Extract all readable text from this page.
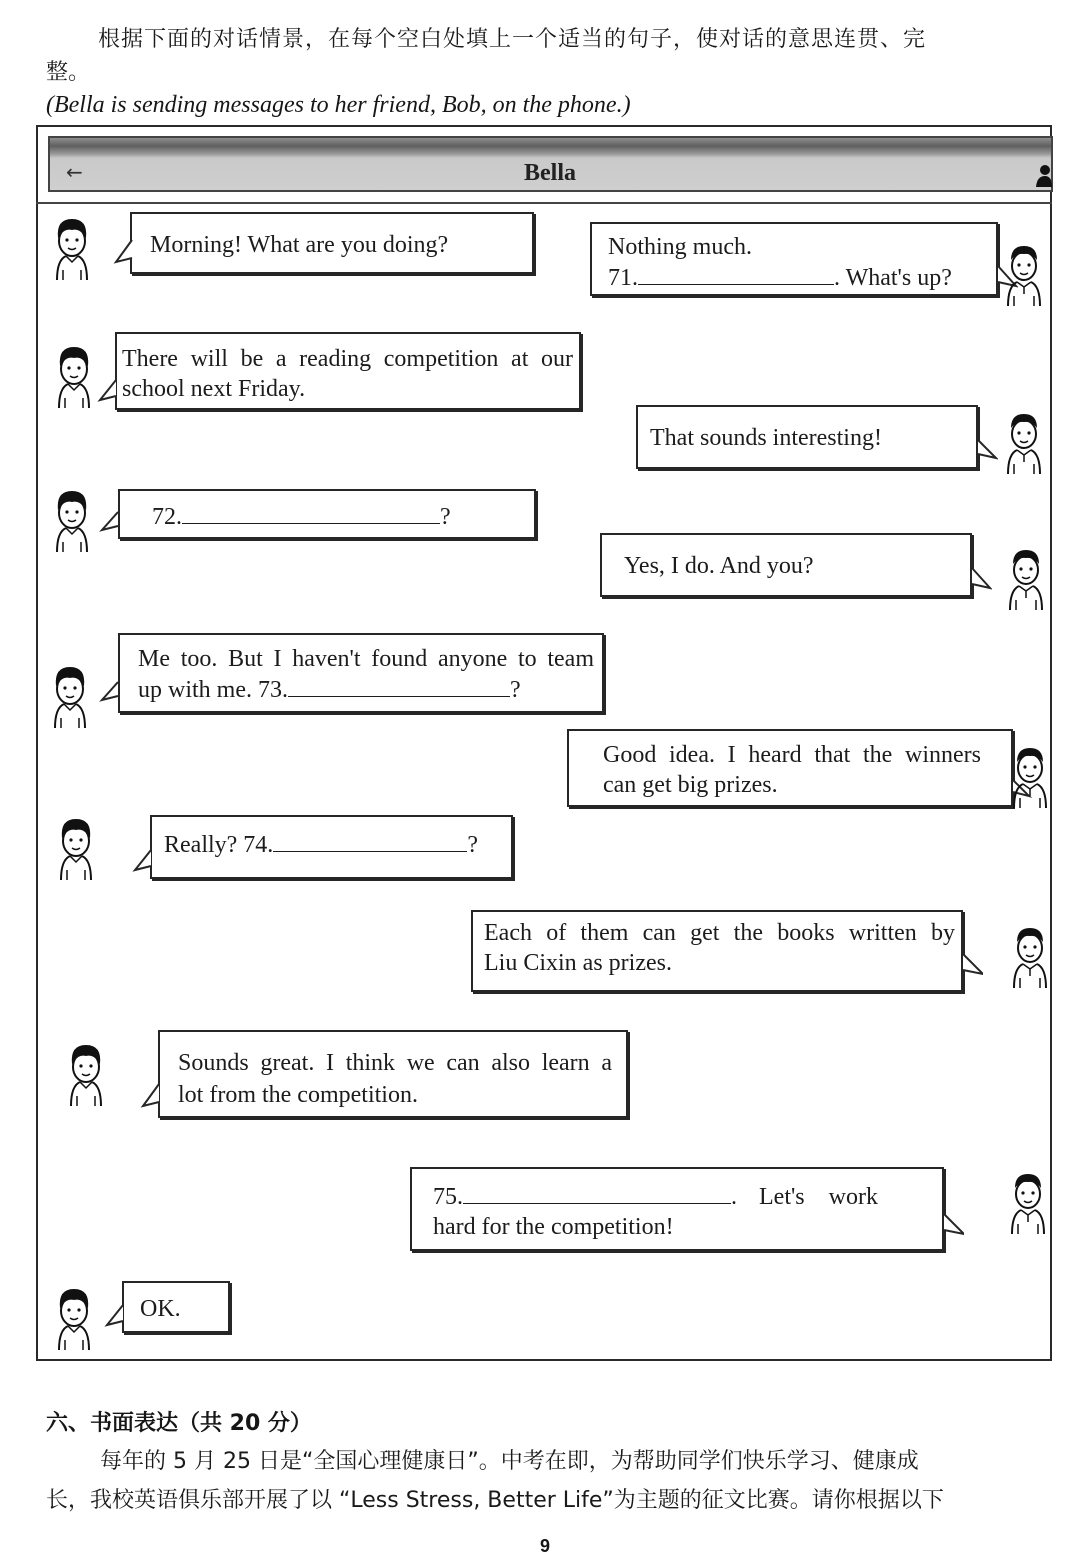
根据下面的对话情景，在每个空白处填上一个适当的句子，使对话的意思连贯、完
整。
(Bella is sending messages to her friend, Bob, on the phone.)
←	Bella
Morning! What are you doing?	Nothing much.
71.	. What's up?
There will be a reading competition at our
school next Friday.
That sounds interesting!
72.	?
Yes, I do. And you?
Me too. But I haven't found anyone to team
up with me. 73.	?
Good idea. I heard that the winners
can get big prizes.
Really? 74.	?
Each of them can get the books written by
Liu Cixin as prizes.
Sounds great. I think we can also learn a
lot from the competition.
75.	. Let's    work
hard for the competition!
OK.
六、书面表达（共 20 分）
每年的 5 月 25 日是“全国心理健康日”。中考在即，为帮助同学们快乐学习、健康成
长，我校英语俱乐部开展了以 “Less Stress, Better Life”为主题的征文比赛。请你根据以下
9
